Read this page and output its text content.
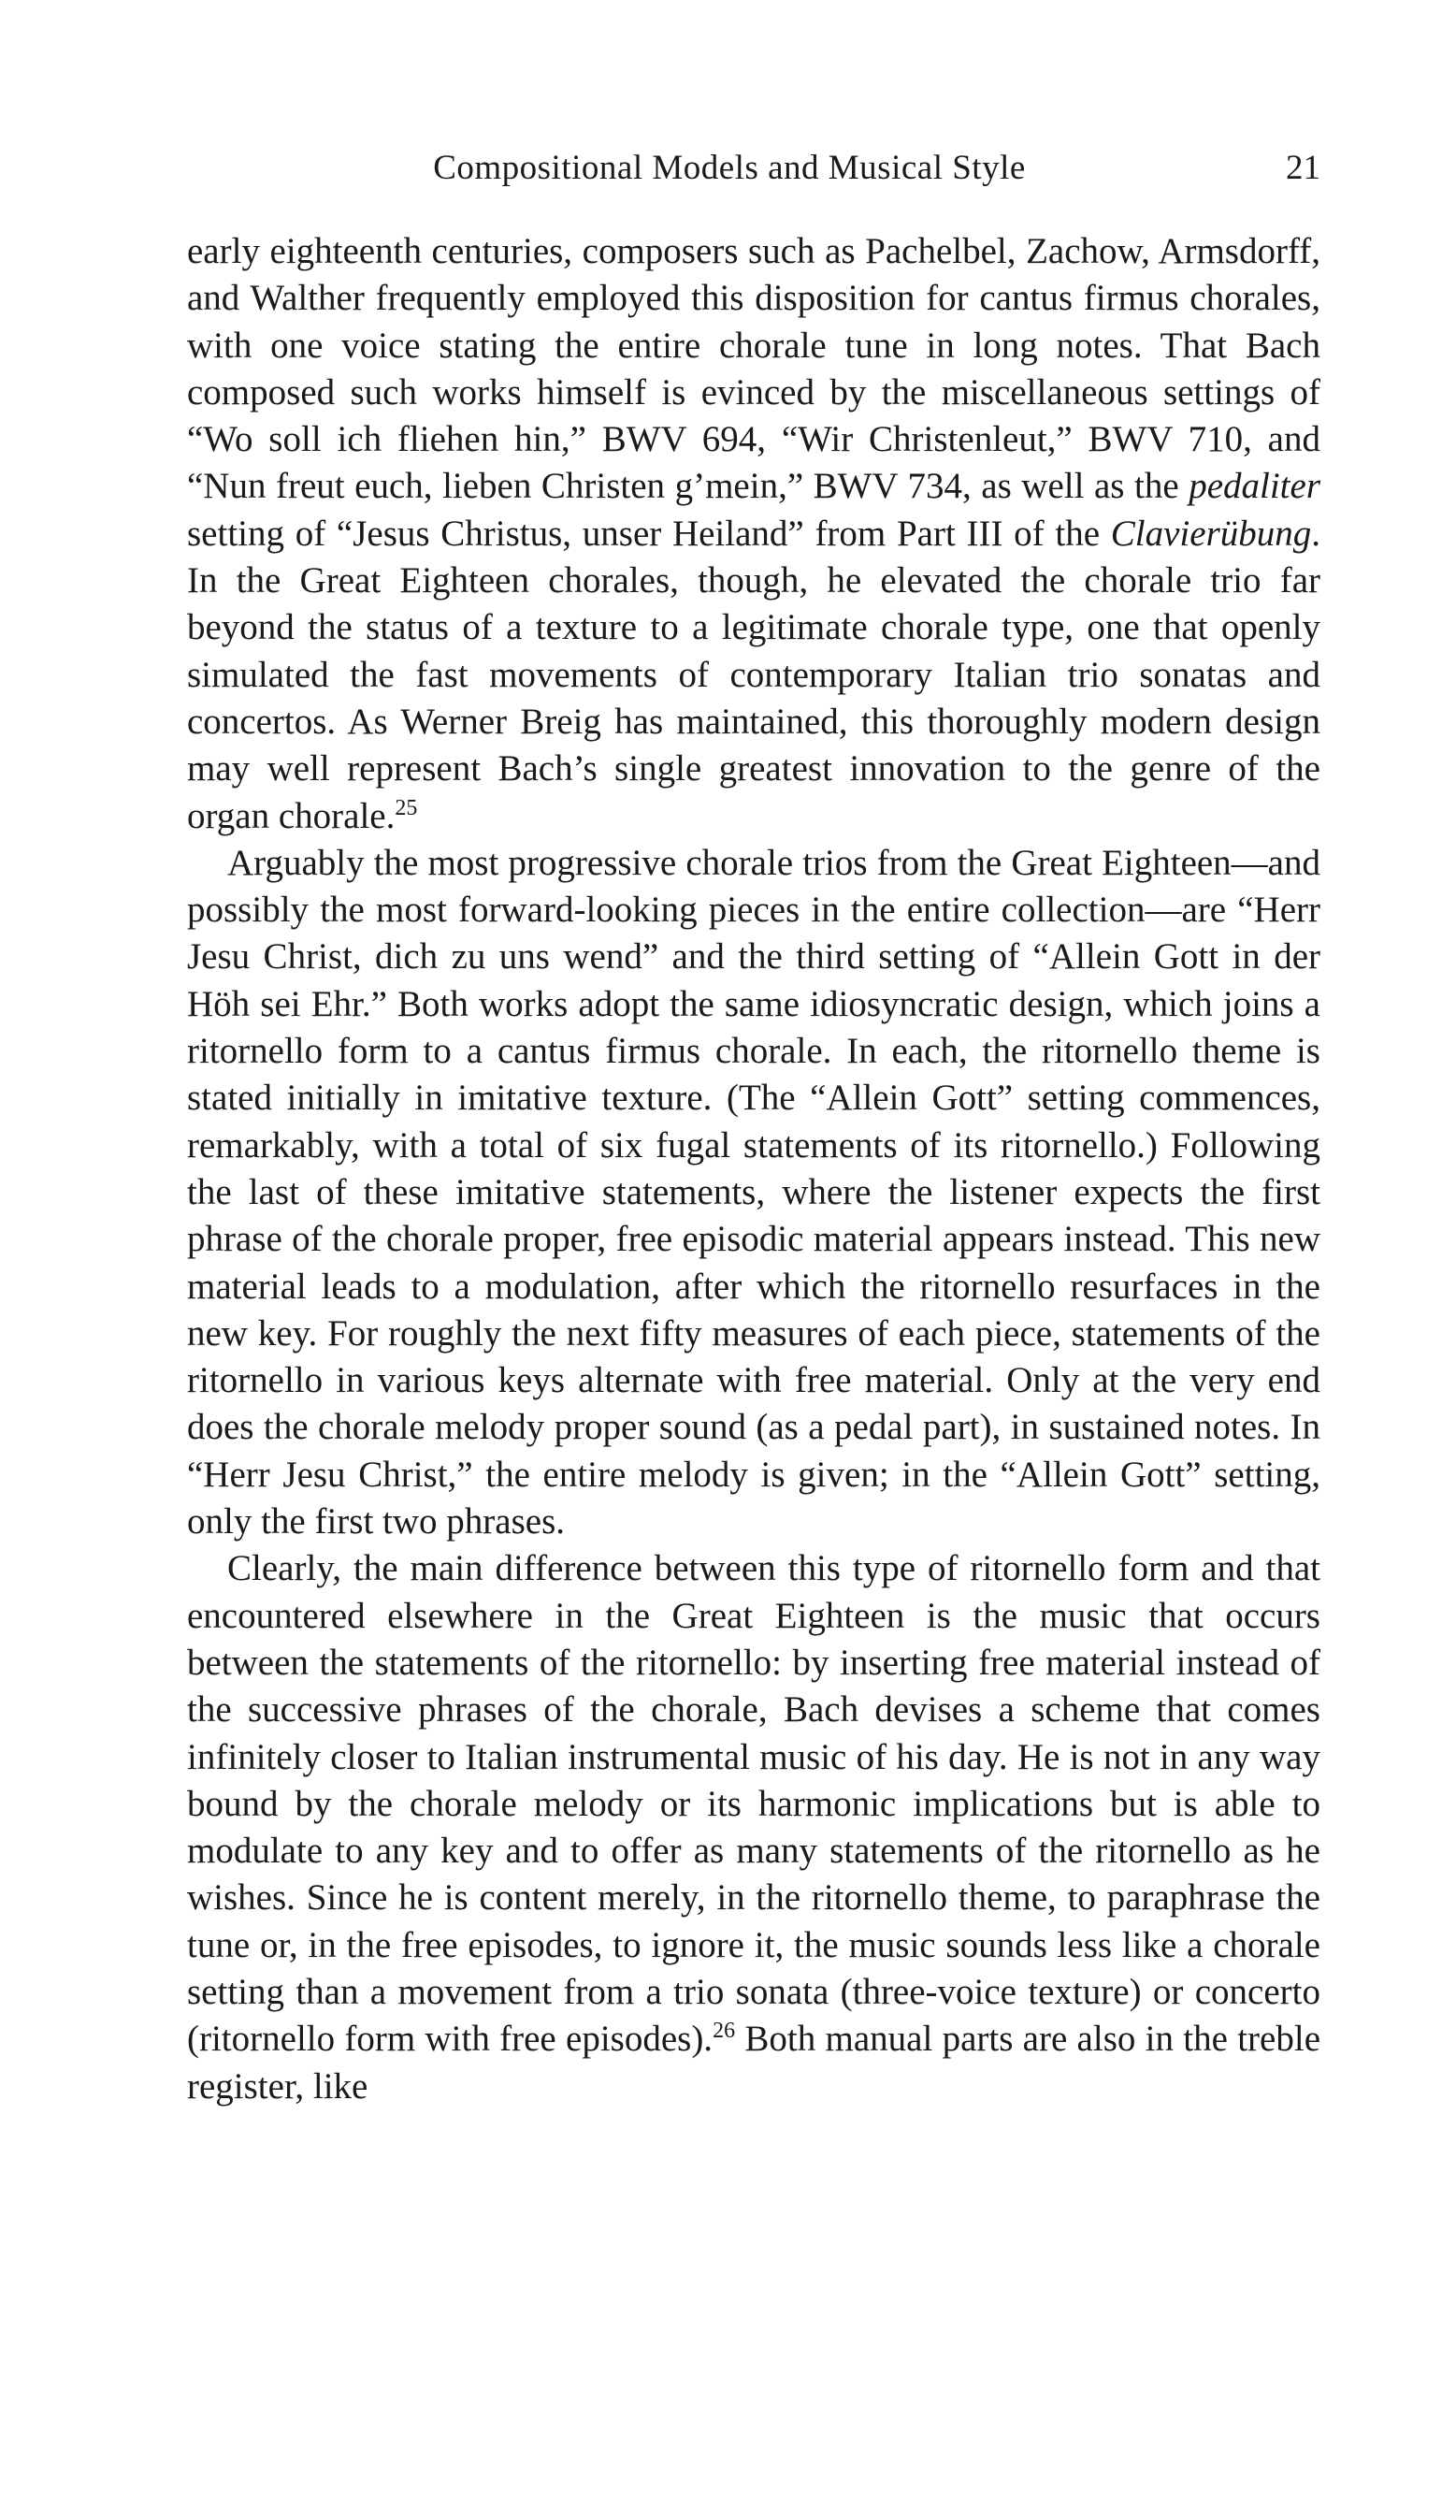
Compositional Models and Musical Style	21

early eighteenth centuries, composers such as Pachelbel, Zachow, Armsdorff, and Walther frequently employed this disposition for cantus firmus chorales, with one voice stating the entire chorale tune in long notes. That Bach composed such works himself is evinced by the miscellaneous settings of “Wo soll ich fliehen hin,” BWV 694, “Wir Christenleut,” BWV 710, and “Nun freut euch, lieben Christen g’mein,” BWV 734, as well as the pedaliter setting of “Jesus Christus, unser Heiland” from Part III of the Clavierübung. In the Great Eighteen chorales, though, he elevated the chorale trio far beyond the status of a texture to a legitimate chorale type, one that openly simulated the fast movements of contemporary Italian trio sonatas and concertos. As Werner Breig has maintained, this thoroughly modern design may well represent Bach’s single greatest innovation to the genre of the organ chorale.$^{25}$

Arguably the most progressive chorale trios from the Great Eighteen—and possibly the most forward-looking pieces in the entire collection—are “Herr Jesu Christ, dich zu uns wend” and the third setting of “Allein Gott in der Höh sei Ehr.” Both works adopt the same idiosyncratic design, which joins a ritornello form to a cantus firmus chorale. In each, the ritornello theme is stated initially in imitative texture. (The “Allein Gott” setting commences, remarkably, with a total of six fugal statements of its ritornello.) Following the last of these imitative statements, where the listener expects the first phrase of the chorale proper, free episodic material appears instead. This new material leads to a modulation, after which the ritornello resurfaces in the new key. For roughly the next fifty measures of each piece, statements of the ritornello in various keys alternate with free material. Only at the very end does the chorale melody proper sound (as a pedal part), in sustained notes. In “Herr Jesu Christ,” the entire melody is given; in the “Allein Gott” setting, only the first two phrases.

Clearly, the main difference between this type of ritornello form and that encountered elsewhere in the Great Eighteen is the music that occurs between the statements of the ritornello: by inserting free material instead of the successive phrases of the chorale, Bach devises a scheme that comes infinitely closer to Italian instrumental music of his day. He is not in any way bound by the chorale melody or its harmonic implications but is able to modulate to any key and to offer as many statements of the ritornello as he wishes. Since he is content merely, in the ritornello theme, to paraphrase the tune or, in the free episodes, to ignore it, the music sounds less like a chorale setting than a movement from a trio sonata (three-voice texture) or concerto (ritornello form with free episodes).$^{26}$ Both manual parts are also in the treble register, like
